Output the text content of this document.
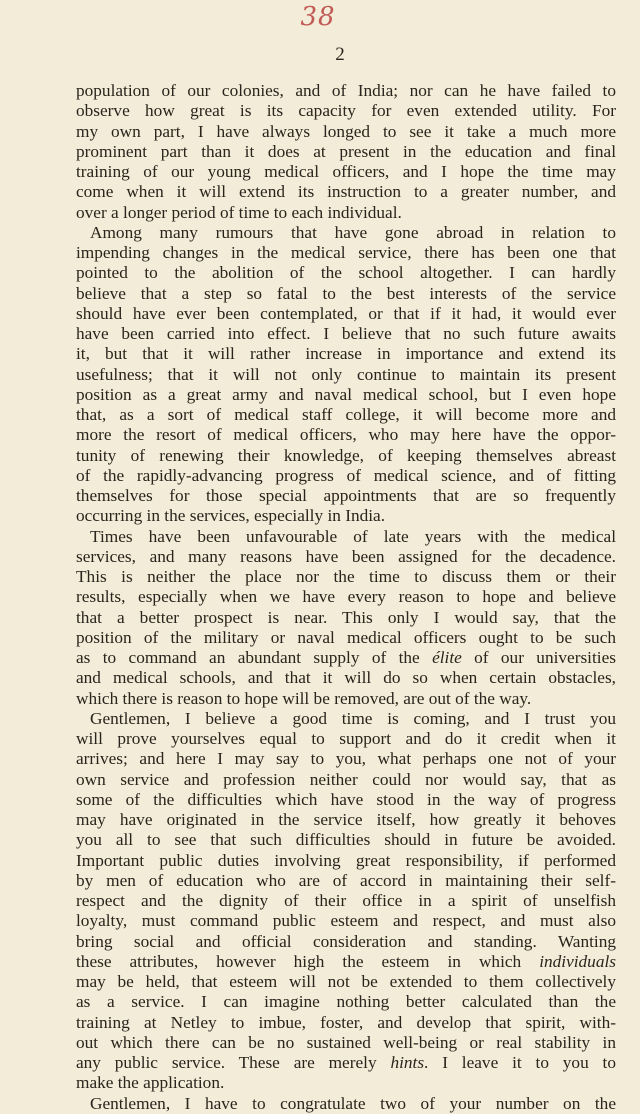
38
2
population of our colonies, and of India; nor can he have failed to
observe how great is its capacity for even extended utility. For
my own part, I have always longed to see it take a much more
prominent part than it does at present in the education and final
training of our young medical officers, and I hope the time may
come when it will extend its instruction to a greater number, and
over a longer period of time to each individual.
Among many rumours that have gone abroad in relation to
impending changes in the medical service, there has been one that
pointed to the abolition of the school altogether. I can hardly
believe that a step so fatal to the best interests of the service
should have ever been contemplated, or that if it had, it would ever
have been carried into effect. I believe that no such future awaits
it, but that it will rather increase in importance and extend its
usefulness; that it will not only continue to maintain its present
position as a great army and naval medical school, but I even hope
that, as a sort of medical staff college, it will become more and
more the resort of medical officers, who may here have the oppor-
tunity of renewing their knowledge, of keeping themselves abreast
of the rapidly-advancing progress of medical science, and of fitting
themselves for those special appointments that are so frequently
occurring in the services, especially in India.
Times have been unfavourable of late years with the medical
services, and many reasons have been assigned for the decadence.
This is neither the place nor the time to discuss them or their
results, especially when we have every reason to hope and believe
that a better prospect is near. This only I would say, that the
position of the military or naval medical officers ought to be such
as to command an abundant supply of the élite of our universities
and medical schools, and that it will do so when certain obstacles,
which there is reason to hope will be removed, are out of the way.
Gentlemen, I believe a good time is coming, and I trust you
will prove yourselves equal to support and do it credit when it
arrives; and here I may say to you, what perhaps one not of your
own service and profession neither could nor would say, that as
some of the difficulties which have stood in the way of progress
may have originated in the service itself, how greatly it behoves
you all to see that such difficulties should in future be avoided.
Important public duties involving great responsibility, if performed
by men of education who are of accord in maintaining their self-
respect and the dignity of their office in a spirit of unselfish
loyalty, must command public esteem and respect, and must also
bring social and official consideration and standing. Wanting
these attributes, however high the esteem in which individuals
may be held, that esteem will not be extended to them collectively
as a service. I can imagine nothing better calculated than the
training at Netley to imbue, foster, and develop that spirit, with-
out which there can be no sustained well-being or real stability in
any public service. These are merely hints. I leave it to you to
make the application.
Gentlemen, I have to congratulate two of your number on the
